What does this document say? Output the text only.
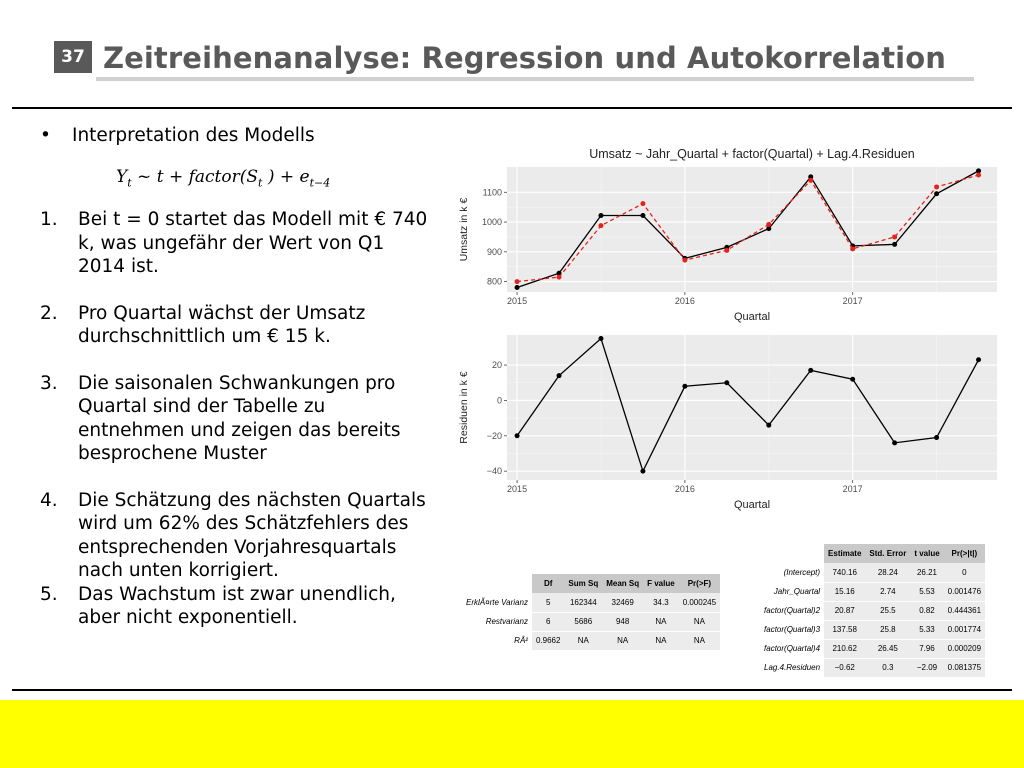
37 Zeitreihenanalyse: Regression und Autokorrelation
•	Interpretation des Modells
$Y_t$ ~ $t + factor(S_t$ ) + $e_{t-4}$
1.	Bei t = 0 startet das Modell mit € 740 k, was ungefähr der Wert von Q1 2014 ist.
2.	Pro Quartal wächst der Umsatz durchschnittlich um € 15 k.
3.	Die saisonalen Schwankungen pro Quartal sind der Tabelle zu entnehmen und zeigen das bereits besprochene Muster
4.	Die Schätzung des nächsten Quartals wird um 62% des Schätzfehlers des entsprechenden Vorjahresquartals nach unten korrigiert.
5.	Das Wachstum ist zwar unendlich, aber nicht exponentiell.
800
900
1000
1100
2015	2016	2017
Umsatz ~ Jahr_Quartal + factor(Quartal) + Lag.4.Residuen
Quartal
Umsatz in k €
−40
−20
0
20
2015	2016	2017
Quartal
Residuen in k €
	Df	Sum Sq	Mean Sq	F value	Pr(>F)
ErklÃ¤rte Varianz	5	162344	32469	34.3	0.000245
Restvarianz	6	5686	948	NA	NA
RÂ²	0.9662	NA	NA	NA	NA
	Estimate	Std. Error	t value	Pr(>|t|)
(Intercept)	740.16	28.24	26.21	0
Jahr_Quartal	15.16	2.74	5.53	0.001476
factor(Quartal)2	20.87	25.5	0.82	0.444361
factor(Quartal)3	137.58	25.8	5.33	0.001774
factor(Quartal)4	210.62	26.45	7.96	0.000209
Lag.4.Residuen	−0.62	0.3	−2.09	0.081375
